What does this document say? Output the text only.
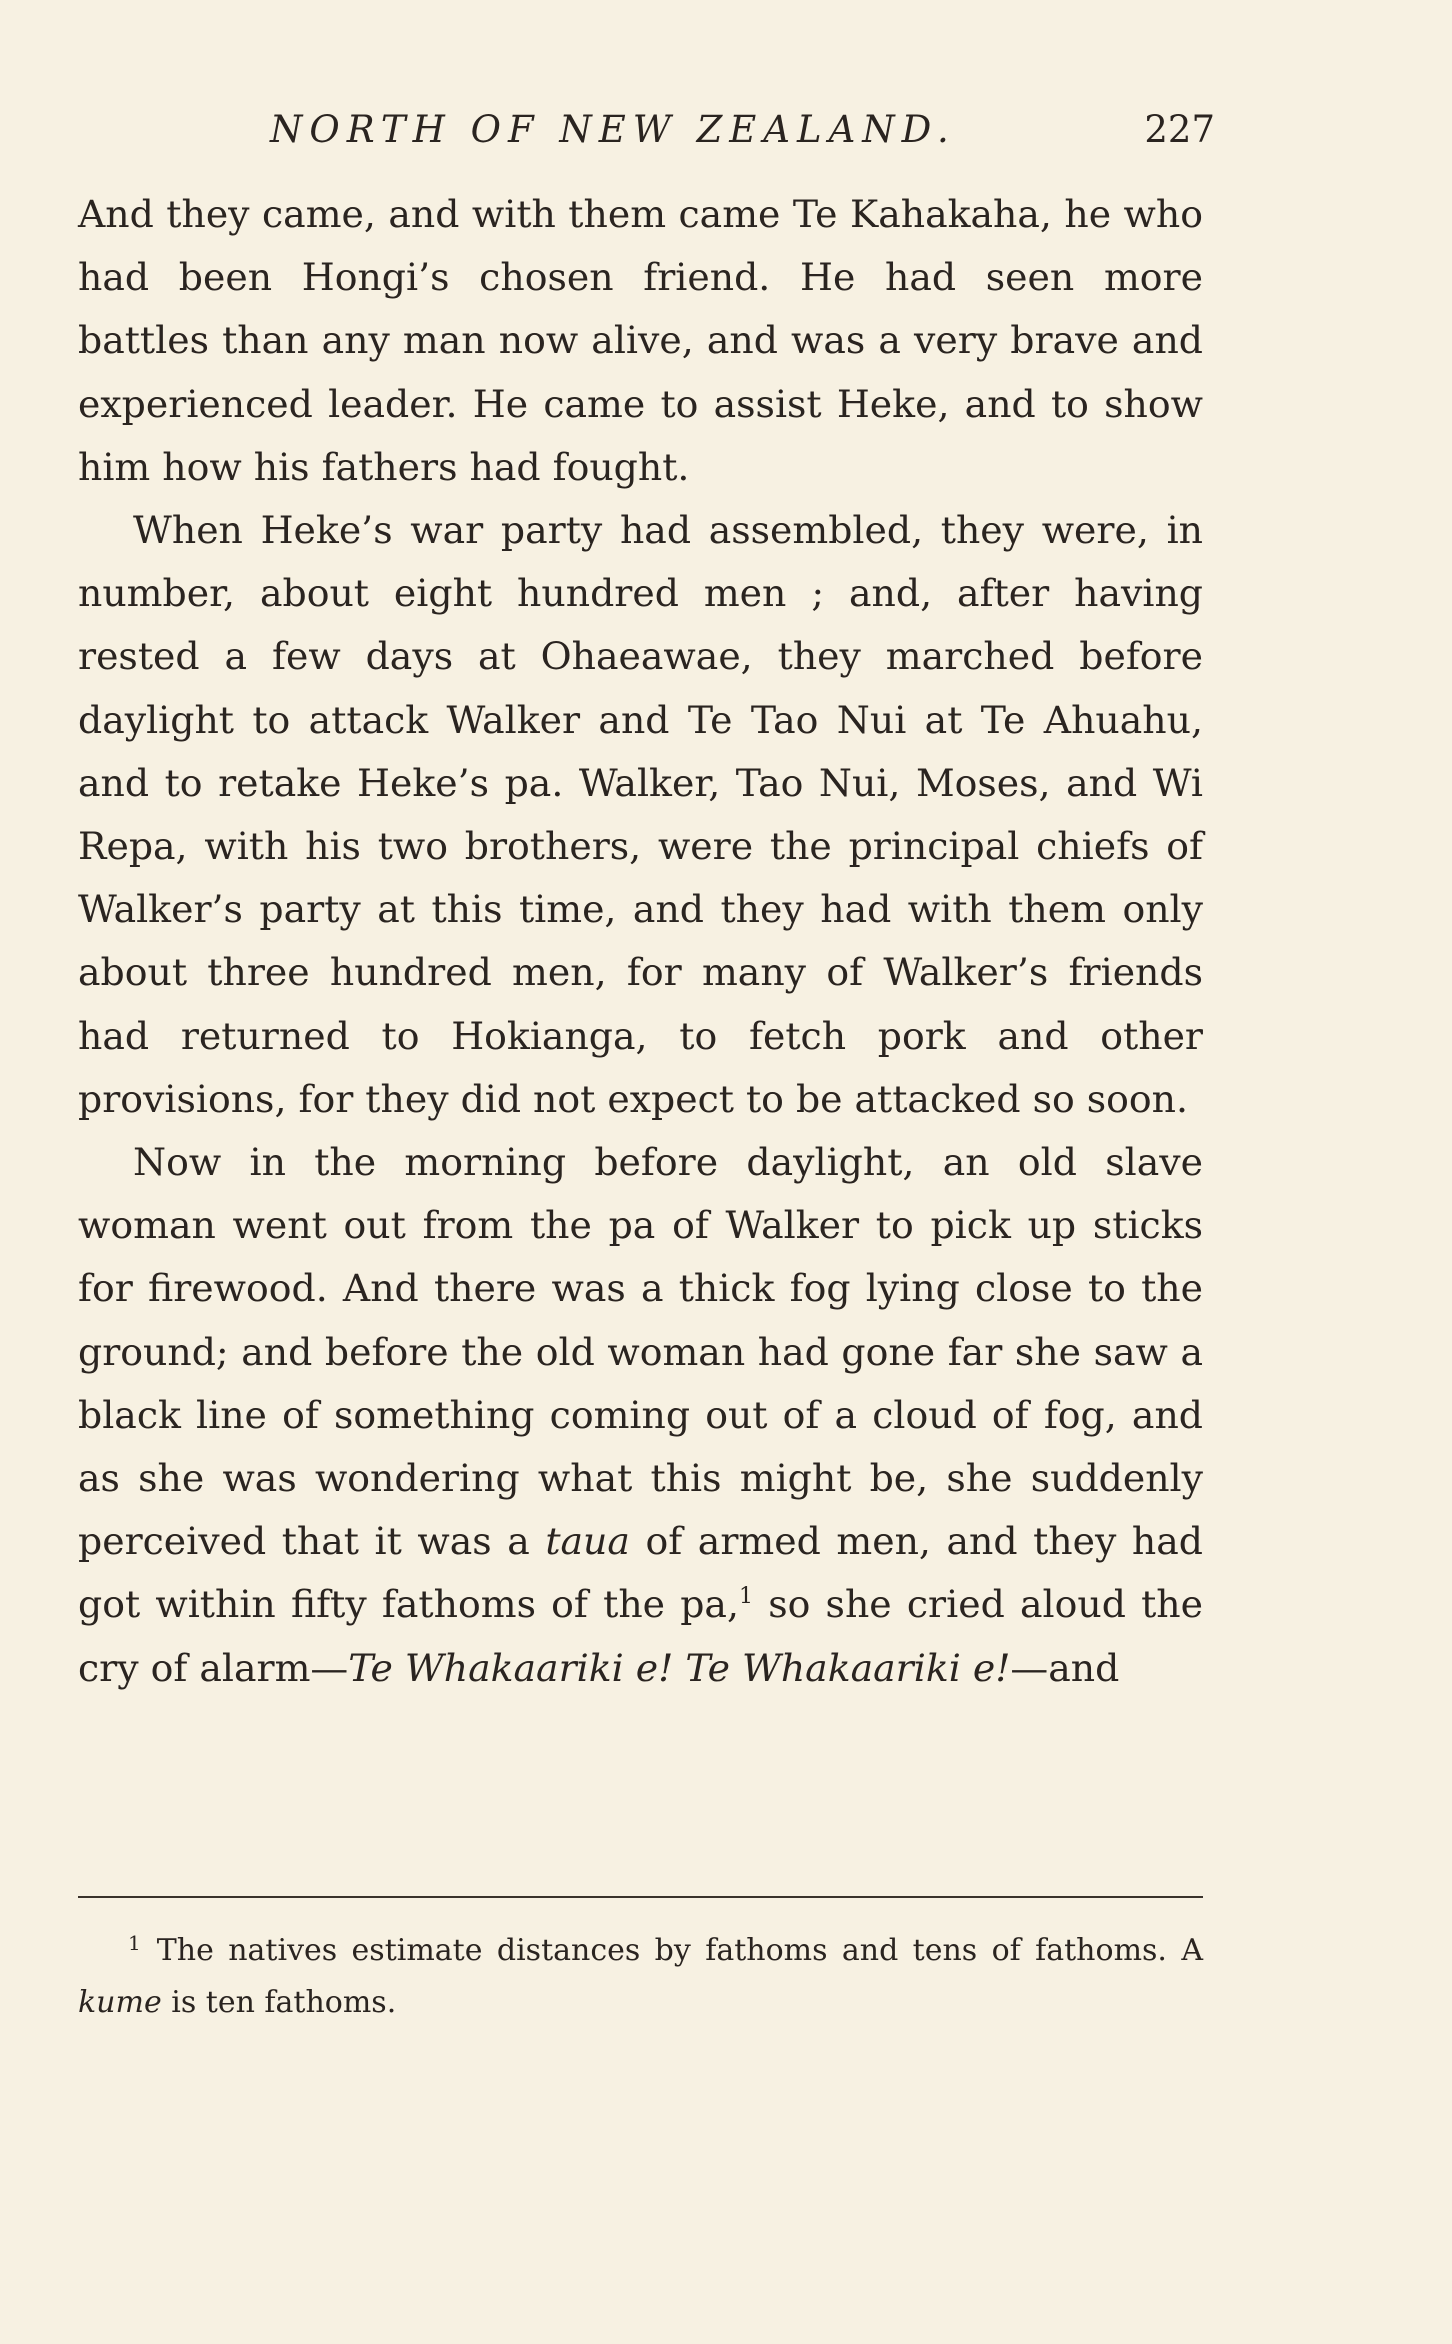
NORTH OF NEW ZEALAND.	227

And they came, and with them came Te Kahakaha, he who had been Hongi’s chosen friend. He had seen more battles than any man now alive, and was a very brave and experienced leader. He came to assist Heke, and to show him how his fathers had fought.

When Heke’s war party had assembled, they were, in number, about eight hundred men ; and, after having rested a few days at Ohaeawae, they marched before daylight to attack Walker and Te Tao Nui at Te Ahuahu, and to retake Heke’s pa. Walker, Tao Nui, Moses, and Wi Repa, with his two brothers, were the principal chiefs of Walker’s party at this time, and they had with them only about three hundred men, for many of Walker’s friends had returned to Hokianga, to fetch pork and other provisions, for they did not expect to be attacked so soon.

Now in the morning before daylight, an old slave woman went out from the pa of Walker to pick up sticks for firewood. And there was a thick fog lying close to the ground; and before the old woman had gone far she saw a black line of something coming out of a cloud of fog, and as she was wondering what this might be, she suddenly perceived that it was a taua of armed men, and they had got within fifty fathoms of the pa,$^1$ so she cried aloud the cry of alarm—Te Whakaariki e! Te Whakaariki e!—and

$^1$ The natives estimate distances by fathoms and tens of fathoms. A kume is ten fathoms.
